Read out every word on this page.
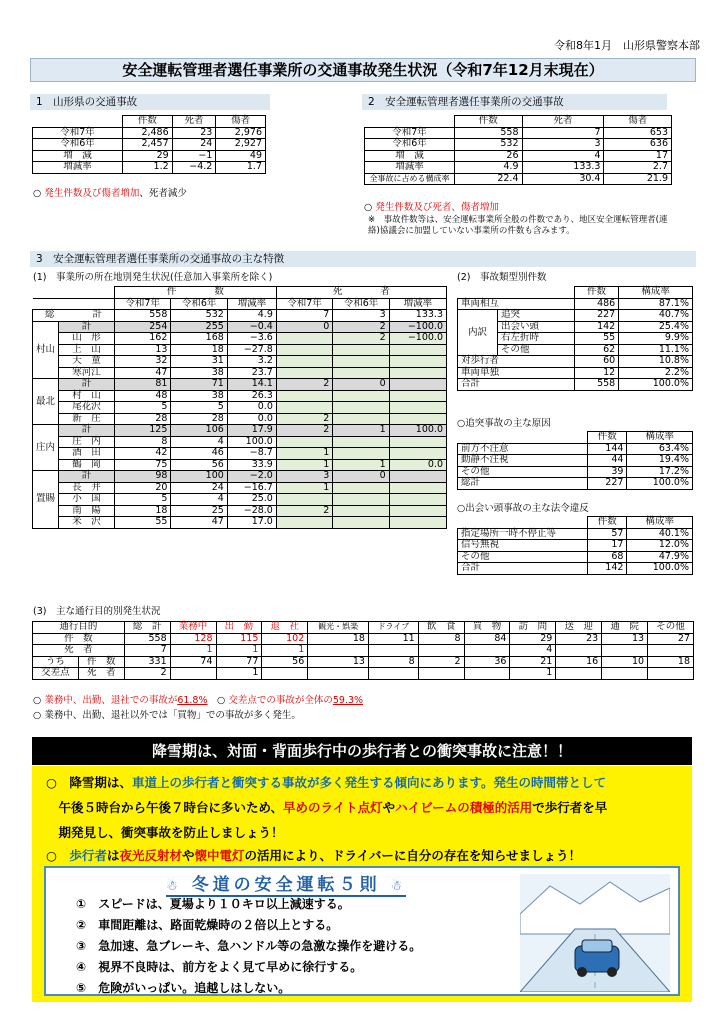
令和8年1月　山形県警察本部
安全運転管理者選任事業所の交通事故発生状況（令和7年12月末現在）
1　山形県の交通事故
	件数	死者	傷者
令和7年	2,486	23	2,976
令和6年	2,457	24	2,927
増　減	29	−1	49
増減率	1.2	−4.2	1.7
○ 発生件数及び傷者増加、死者減少
2　安全運転管理者選任事業所の交通事故
	件数	死者	傷者
令和7年	558	7	653
令和6年	532	3	636
増　減	26	4	17
増減率	4.9	133.3	2.7
全事故に占める構成率	22.4	30.4	21.9
○ 発生件数及び死者、傷者増加
※　事故件数等は、安全運転事業所全般の件数であり、地区安全運転管理者(連絡)協議会に加盟していない事業所の件数も含みます。
3　安全運転管理者選任事業所の交通事故の主な特徴
(1)　事業所の所在地別発生状況(任意加入事業所を除く)	(2)　事故類型別件数
		件　　　　数			死　　　　者		
		令和7年	令和6年	増減率	令和7年	令和6年	増減率
総　　　　計		558	532	4.9	7	3	133.3
村山	計	254	255	−0.4	0	2	−100.0
	山　形	162	168	−3.6		2	−100.0
	上　山	13	18	−27.8			
	天　童	32	31	3.2			
	寒河江	47	38	23.7			
最北	計	81	71	14.1	2	0	
	村　山	48	38	26.3			
	尾花沢	5	5	0.0			
	新　庄	28	28	0.0	2		
庄内	計	125	106	17.9	2	1	100.0
	庄　内	8	4	100.0			
	酒　田	42	46	−8.7	1		
	鶴　岡	75	56	33.9	1	1	0.0
置賜	計	98	100	−2.0	3	0	
	長　井	20	24	−16.7	1		
	小　国	5	4	25.0			
	南　陽	18	25	−28.0	2		
	米　沢	55	47	17.0			
		件数	構成率
車両相互		486	87.1%
内訳	追突	227	40.7%
	出会い頭	142	25.4%
	右左折時	55	9.9%
	その他	62	11.1%
対歩行者		60	10.8%
車両単独		12	2.2%
合計		558	100.0%
○追突事故の主な原因
	件数	構成率
前方不注意	144	63.4%
動静不注視	44	19.4%
その他	39	17.2%
総計	227	100.0%
○出会い頭事故の主な法令違反
	件数	構成率
指定場所一時不停止等	57	40.1%
信号無視	17	12.0%
その他	68	47.9%
合計	142	100.0%
(3)　主な通行目的別発生状況
通行目的		総　計	業務中	出　勤	退　社	観光・娯楽	ドライブ	飲　食	買　物	訪　問	送　迎	通　院	その他
件　数		558	128	115	102	18	11	8	84	29	23	13	27
死　者		7	1	1	1					4			
うち	件　数	331	74	77	56	13	8	2	36	21	16	10	18
交差点	死　者	2		1						1			
○ 業務中、出勤、退社での事故が61.8%　○ 交差点での事故が全体の59.3%
○ 業務中、出勤、退社以外では「買物」での事故が多く発生。
降雪期は、対面・背面歩行中の歩行者との衝突事故に注意！！
○　降雪期は、車道上の歩行者と衝突する事故が多く発生する傾向にあります。発生の時間帯として
　午後５時台から午後７時台に多いため、早めのライト点灯やハイビームの積極的活用で歩行者を早
　期発見し、衝突事故を防止しましょう！
○　歩行者は夜光反射材や懐中電灯の活用により、ドライバーに自分の存在を知らせましょう！
☃ 冬道の安全運転５則 ☃
①　 スピードは、夏場より１０キロ以上減速する。
②　 車間距離は、路面乾燥時の２倍以上とする。
③　 急加速、急ブレーキ、急ハンドル等の急激な操作を避ける。
④　 視界不良時は、前方をよく見て早めに徐行する。
⑤　 危険がいっぱい。追越しはしない。
